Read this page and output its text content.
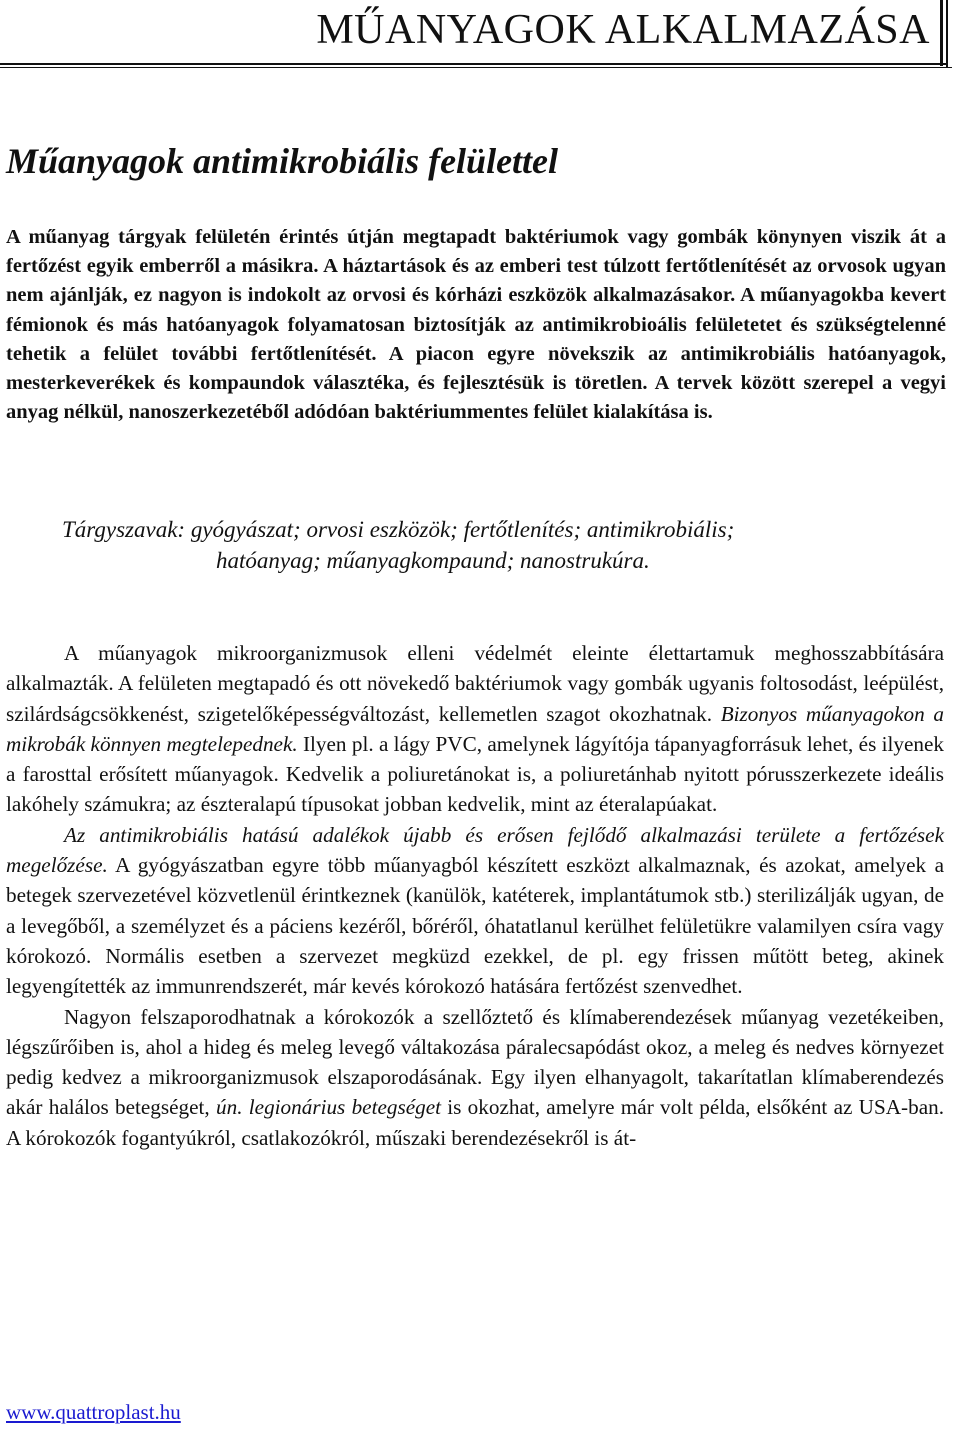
MŰANYAGOK ALKALMAZÁSA
Műanyagok antimikrobiális felülettel

A műanyag tárgyak felületén érintés útján megtapadt baktériumok vagy gombák könynyen viszik át a fertőzést egyik emberről a másikra. A háztartások és az emberi test túlzott fertőtlenítését az orvosok ugyan nem ajánlják, ez nagyon is indokolt az orvosi és kórházi eszközök alkalmazásakor. A műanyagokba kevert fémionok és más hatóanyagok folyamatosan biztosítják az antimikrobioális felületetet és szükségtelenné tehetik a felület további fertőtlenítését. A piacon egyre növekszik az antimikrobiális hatóanyagok, mesterkeverékek és kompaundok választéka, és fejlesztésük is töretlen. A tervek között szerepel a vegyi anyag nélkül, nanoszerkezetéből adódóan baktériummentes felület kialakítása is.

Tárgyszavak: gyógyászat; orvosi eszközök; fertőtlenítés; antimikrobiális;
hatóanyag; műanyagkompaund; nanostrukúra.

A műanyagok mikroorganizmusok elleni védelmét eleinte élettartamuk meghosszabbítására alkalmazták. A felületen megtapadó és ott növekedő baktériumok vagy gombák ugyanis foltosodást, leépülést, szilárdságcsökkenést, szigetelőképességváltozást, kellemetlen szagot okozhatnak. Bizonyos műanyagokon a mikrobák könnyen megtelepednek. Ilyen pl. a lágy PVC, amelynek lágyítója tápanyagforrásuk lehet, és ilyenek a farosttal erősített műanyagok. Kedvelik a poliuretánokat is, a poliuretánhab nyitott pórusszerkezete ideális lakóhely számukra; az észteralapú típusokat jobban kedvelik, mint az éteralapúakat.

Az antimikrobiális hatású adalékok újabb és erősen fejlődő alkalmazási területe a fertőzések megelőzése. A gyógyászatban egyre több műanyagból készített eszközt alkalmaznak, és azokat, amelyek a betegek szervezetével közvetlenül érintkeznek (kanülök, katéterek, implantátumok stb.) sterilizálják ugyan, de a levegőből, a személyzet és a páciens kezéről, bőréről, óhatatlanul kerülhet felületükre valamilyen csíra vagy kórokozó. Normális esetben a szervezet megküzd ezekkel, de pl. egy frissen műtött beteg, akinek legyengítették az immunrendszerét, már kevés kórokozó hatására fertőzést szenvedhet.

Nagyon felszaporodhatnak a kórokozók a szellőztető és klímaberendezések műanyag vezetékeiben, légszűrőiben is, ahol a hideg és meleg levegő váltakozása páralecsapódást okoz, a meleg és nedves környezet pedig kedvez a mikroorganizmusok elszaporodásának. Egy ilyen elhanyagolt, takarítatlan klímaberendezés akár halálos betegséget, ún. legionárius betegséget is okozhat, amelyre már volt példa, elsőként az USA-ban. A kórokozók fogantyúkról, csatlakozókról, műszaki berendezésekről is át-

www.quattroplast.hu
